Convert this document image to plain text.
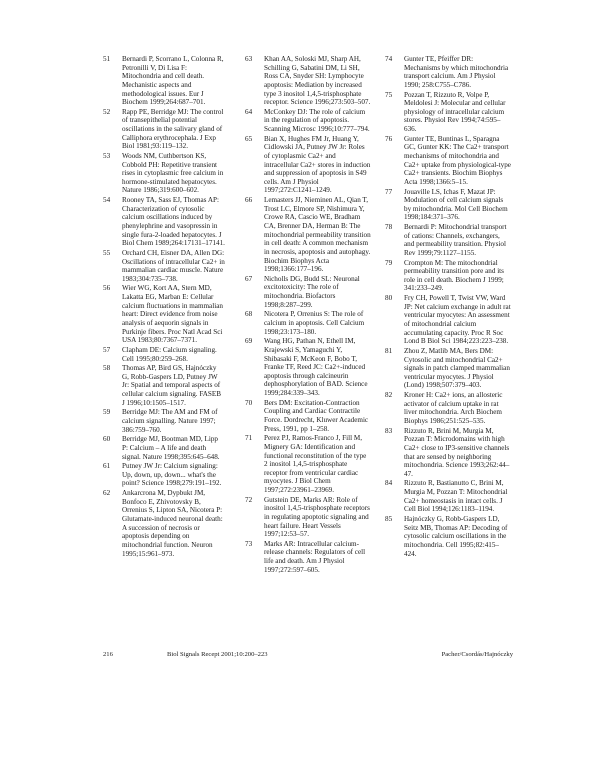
51 Bernardi P, Scorrano L, Colonna R, Petronilli V, Di Lisa F: Mitochondria and cell death. Mechanistic aspects and methodological issues. Eur J Biochem 1999;264:687–701.
52 Rapp PE, Berridge MJ: The control of transepithelial potential oscillations in the salivary gland of Calliphora erythrocephala. J Exp Biol 1981;93:119–132.
53 Woods NM, Cuthbertson KS, Cobbold PH: Repetitive transient rises in cytoplasmic free calcium in hormone-stimulated hepatocytes. Nature 1986;319:600–602.
54 Rooney TA, Sass EJ, Thomas AP: Characterization of cytosolic calcium oscillations induced by phenylephrine and vasopressin in single fura-2-loaded hepatocytes. J Biol Chem 1989;264:17131–17141.
55 Orchard CH, Eisner DA, Allen DG: Oscillations of intracellular Ca2+ in mammalian cardiac muscle. Nature 1983;304:735–738.
56 Wier WG, Kort AA, Stern MD, Lakatta EG, Marban E: Cellular calcium fluctuations in mammalian heart: Direct evidence from noise analysis of aequorin signals in Purkinje fibers. Proc Natl Acad Sci USA 1983;80:7367–7371.
57 Clapham DE: Calcium signaling. Cell 1995;80:259–268.
58 Thomas AP, Bird GS, Hajnóczky G, Robb-Gaspers LD, Putney JW Jr: Spatial and temporal aspects of cellular calcium signaling. FASEB J 1996;10:1505–1517.
59 Berridge MJ: The AM and FM of calcium signalling. Nature 1997; 386:759–760.
60 Berridge MJ, Bootman MD, Lipp P: Calcium – A life and death signal. Nature 1998;395:645–648.
61 Putney JW Jr: Calcium signaling: Up, down, up, down... what's the point? Science 1998;279:191–192.
62 Ankarcrona M, Dypbukt JM, Bonfoco E, Zhivotovsky B, Orrenius S, Lipton SA, Nicotera P: Glutamate-induced neuronal death: A succession of necrosis or apoptosis depending on mitochondrial function. Neuron 1995;15:961–973.
63 Khan AA, Soloski MJ, Sharp AH, Schilling G, Sabatini DM, Li SH, Ross CA, Snyder SH: Lymphocyte apoptosis: Mediation by increased type 3 inositol 1,4,5-trisphosphate receptor. Science 1996;273:503–507.
64 McConkey DJ: The role of calcium in the regulation of apoptosis. Scanning Microsc 1996;10:777–794.
65 Bian X, Hughes FM Jr, Huang Y, Cidlowski JA, Putney JW Jr: Roles of cytoplasmic Ca2+ and intracellular Ca2+ stores in induction and suppression of apoptosis in S49 cells. Am J Physiol 1997;272:C1241–1249.
66 Lemasters JJ, Nieminen AL, Qian T, Trost LC, Elmore SP, Nishimura Y, Crowe RA, Cascio WE, Bradham CA, Brenner DA, Herman B: The mitochondrial permeability transition in cell death: A common mechanism in necrosis, apoptosis and autophagy. Biochim Biophys Acta 1998;1366:177–196.
67 Nicholls DG, Budd SL: Neuronal excitotoxicity: The role of mitochondria. Biofactors 1998;8:287–299.
68 Nicotera P, Orrenius S: The role of calcium in apoptosis. Cell Calcium 1998;23:173–180.
69 Wang HG, Pathan N, Ethell IM, Krajewski S, Yamaguchi Y, Shibasaki F, McKeon F, Bobo T, Franke TF, Reed JC: Ca2+-induced apoptosis through calcineurin dephosphorylation of BAD. Science 1999;284:339–343.
70 Bers DM: Excitation-Contraction Coupling and Cardiac Contractile Force. Dordrecht, Kluwer Academic Press, 1991, pp 1–258.
71 Perez PJ, Ramos-Franco J, Fill M, Mignery GA: Identification and functional reconstitution of the type 2 inositol 1,4,5-trisphosphate receptor from ventricular cardiac myocytes. J Biol Chem 1997;272:23961–23969.
72 Gutstein DE, Marks AR: Role of inositol 1,4,5-trisphosphate receptors in regulating apoptotic signaling and heart failure. Heart Vessels 1997;12:53–57.
73 Marks AR: Intracellular calcium-release channels: Regulators of cell life and death. Am J Physiol 1997;272:597–605.
74 Gunter TE, Pfeiffer DR: Mechanisms by which mitochondria transport calcium. Am J Physiol 1990; 258:C755–C786.
75 Pozzan T, Rizzuto R, Volpe P, Meldolesi J: Molecular and cellular physiology of intracellular calcium stores. Physiol Rev 1994;74:595–636.
76 Gunter TE, Buntinas L, Sparagna GC, Gunter KK: The Ca2+ transport mechanisms of mitochondria and Ca2+ uptake from physiological-type Ca2+ transients. Biochim Biophys Acta 1998;1366:5–15.
77 Jouaville LS, Ichas F, Mazat JP: Modulation of cell calcium signals by mitochondria. Mol Cell Biochem 1998;184:371–376.
78 Bernardi P: Mitochondrial transport of cations: Channels, exchangers, and permeability transition. Physiol Rev 1999;79:1127–1155.
79 Crompton M: The mitochondrial permeability transition pore and its role in cell death. Biochem J 1999; 341:233–249.
80 Fry CH, Powell T, Twist VW, Ward JP: Net calcium exchange in adult rat ventricular myocytes: An assessment of mitochondrial calcium accumulating capacity. Proc R Soc Lond B Biol Sci 1984;223:223–238.
81 Zhou Z, Matlib MA, Bers DM: Cytosolic and mitochondrial Ca2+ signals in patch clamped mammalian ventricular myocytes. J Physiol (Lond) 1998;507:379–403.
82 Kroner H: Ca2+ ions, an allosteric activator of calcium uptake in rat liver mitochondria. Arch Biochem Biophys 1986;251:525–535.
83 Rizzuto R, Brini M, Murgia M, Pozzan T: Microdomains with high Ca2+ close to IP3-sensitive channels that are sensed by neighboring mitochondria. Science 1993;262:44–47.
84 Rizzuto R, Bastianutto C, Brini M, Murgia M, Pozzan T: Mitochondrial Ca2+ homeostasis in intact cells. J Cell Biol 1994;126:1183–1194.
85 Hajnóczky G, Robb-Gaspers LD, Seitz MB, Thomas AP: Decoding of cytosolic calcium oscillations in the mitochondria. Cell 1995;82:415–424.
216	Biol Signals Recept 2001;10:200–223	Pacher/Csordás/Hajnóczky
